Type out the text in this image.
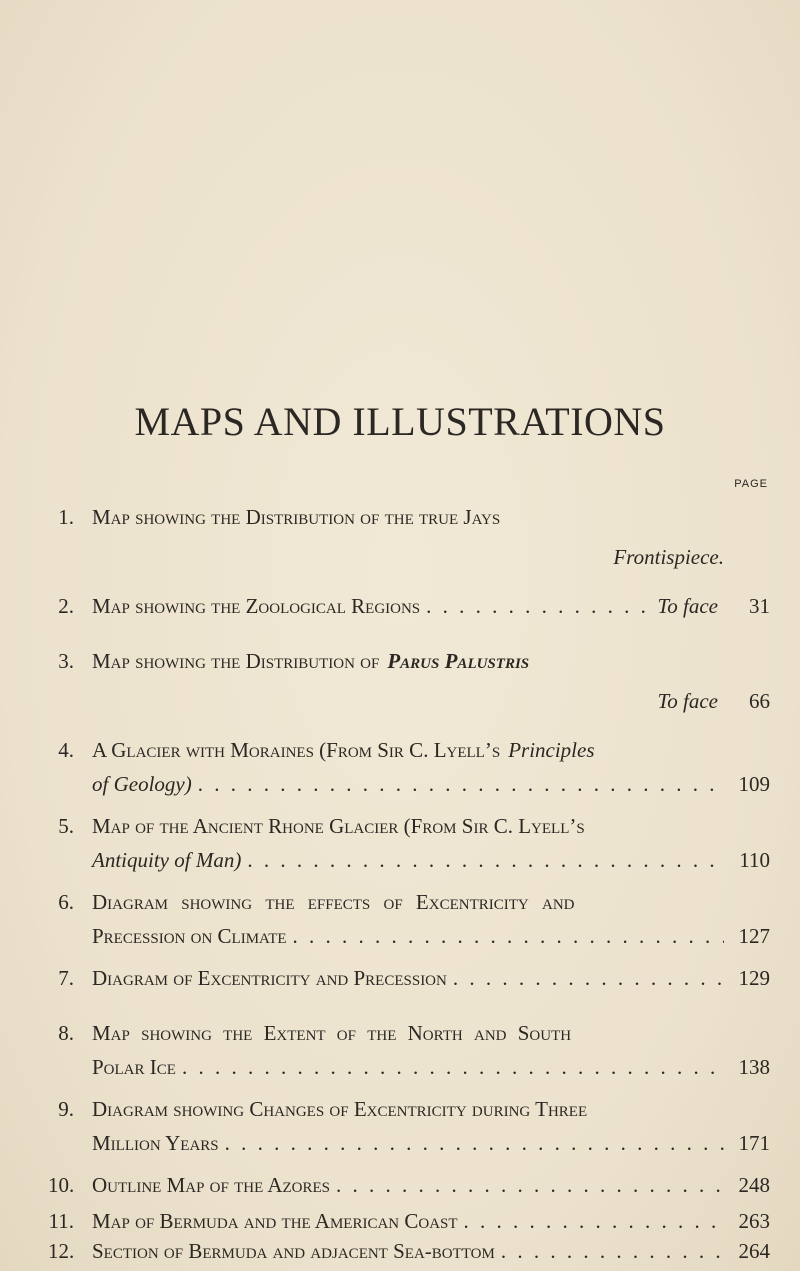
MAPS AND ILLUSTRATIONS
PAGE
1. Map showing the Distribution of the true Jays
Frontispiece.
2. Map showing the Zoological Regions . . .	To face	31
3. Map showing the Distribution of Parus Palustris
To face	66
4. A Glacier with Moraines (From Sir C. Lyell’s Principles
of Geology) . . .	109
5. Map of the Ancient Rhone Glacier (From Sir C. Lyell’s
Antiquity of Man) . . .	110
6. Diagram showing the effects of Excentricity and
Precession on Climate . . .	127
7. Diagram of Excentricity and Precession . . .	129
8. Map showing the Extent of the North and South
Polar Ice . . .	138
9. Diagram showing Changes of Excentricity during Three
Million Years . . .	171
10. Outline Map of the Azores . . .	248
11. Map of Bermuda and the American Coast . . .	263
12. Section of Bermuda and adjacent Sea-bottom . . .	264
